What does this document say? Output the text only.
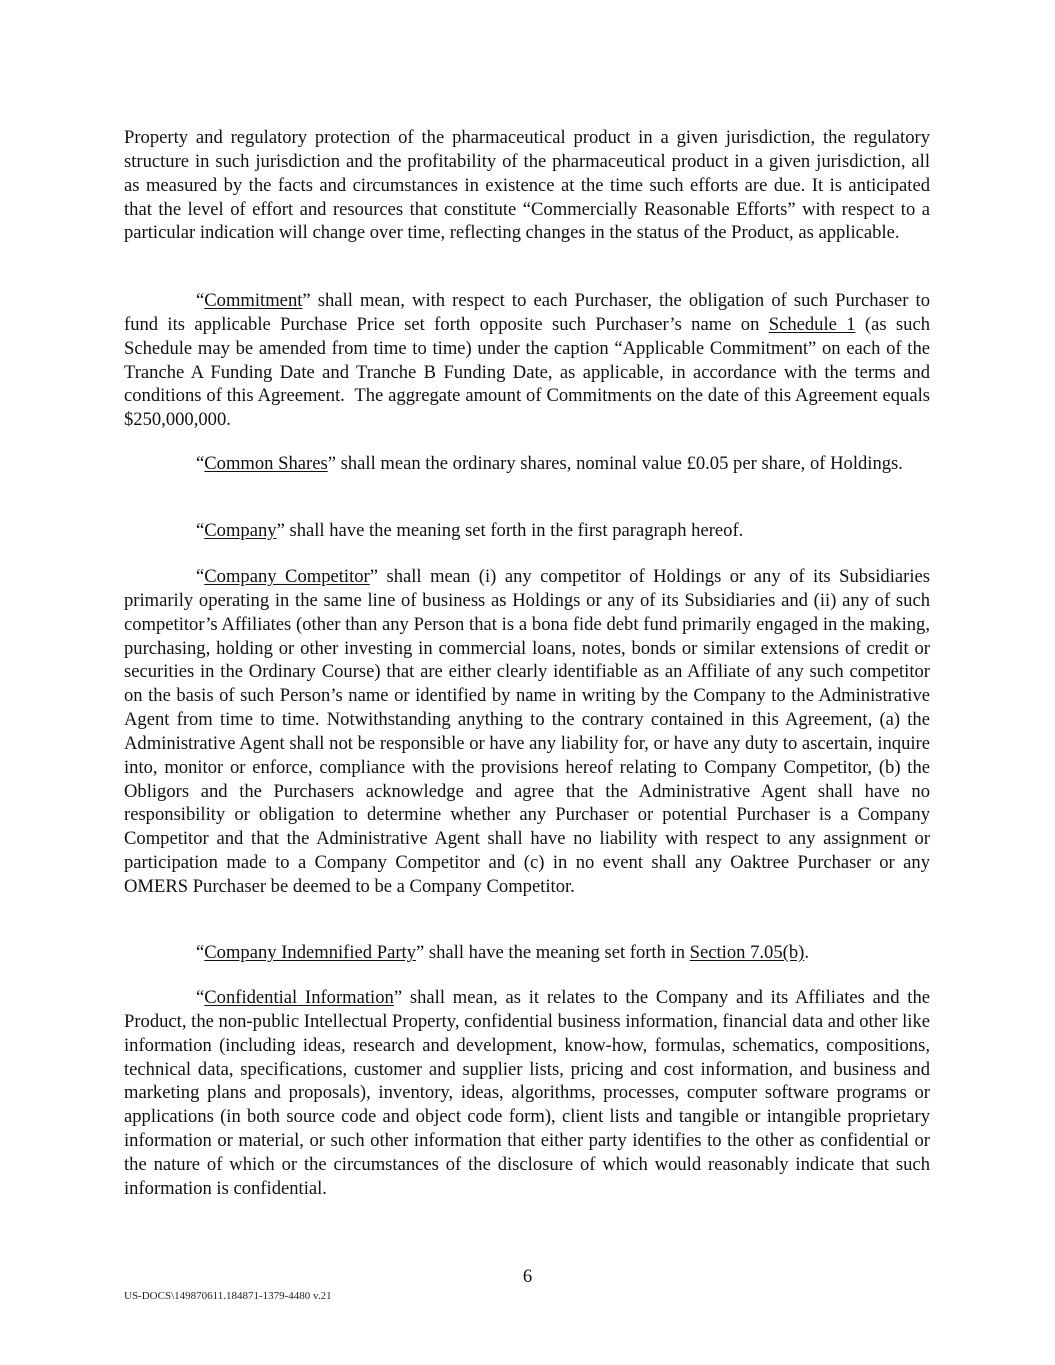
Property and regulatory protection of the pharmaceutical product in a given jurisdiction, the regulatory structure in such jurisdiction and the profitability of the pharmaceutical product in a given jurisdiction, all as measured by the facts and circumstances in existence at the time such efforts are due. It is anticipated that the level of effort and resources that constitute “Commercially Reasonable Efforts” with respect to a particular indication will change over time, reflecting changes in the status of the Product, as applicable.

“Commitment” shall mean, with respect to each Purchaser, the obligation of such Purchaser to fund its applicable Purchase Price set forth opposite such Purchaser’s name on Schedule 1 (as such Schedule may be amended from time to time) under the caption “Applicable Commitment” on each of the Tranche A Funding Date and Tranche B Funding Date, as applicable, in accordance with the terms and conditions of this Agreement.  The aggregate amount of Commitments on the date of this Agreement equals $250,000,000.

“Common Shares” shall mean the ordinary shares, nominal value £0.05 per share, of Holdings.

“Company” shall have the meaning set forth in the first paragraph hereof.

“Company Competitor” shall mean (i) any competitor of Holdings or any of its Subsidiaries primarily operating in the same line of business as Holdings or any of its Subsidiaries and (ii) any of such competitor’s Affiliates (other than any Person that is a bona fide debt fund primarily engaged in the making, purchasing, holding or other investing in commercial loans, notes, bonds or similar extensions of credit or securities in the Ordinary Course) that are either clearly identifiable as an Affiliate of any such competitor on the basis of such Person’s name or identified by name in writing by the Company to the Administrative Agent from time to time. Notwithstanding anything to the contrary contained in this Agreement, (a) the Administrative Agent shall not be responsible or have any liability for, or have any duty to ascertain, inquire into, monitor or enforce, compliance with the provisions hereof relating to Company Competitor, (b) the Obligors and the Purchasers acknowledge and agree that the Administrative Agent shall have no responsibility or obligation to determine whether any Purchaser or potential Purchaser is a Company Competitor and that the Administrative Agent shall have no liability with respect to any assignment or participation made to a Company Competitor and (c) in no event shall any Oaktree Purchaser or any OMERS Purchaser be deemed to be a Company Competitor.

“Company Indemnified Party” shall have the meaning set forth in Section 7.05(b).

“Confidential Information” shall mean, as it relates to the Company and its Affiliates and the Product, the non-public Intellectual Property, confidential business information, financial data and other like information (including ideas, research and development, know-how, formulas, schematics, compositions, technical data, specifications, customer and supplier lists, pricing and cost information, and business and marketing plans and proposals), inventory, ideas, algorithms, processes, computer software programs or applications (in both source code and object code form), client lists and tangible or intangible proprietary information or material, or such other information that either party identifies to the other as confidential or the nature of which or the circumstances of the disclosure of which would reasonably indicate that such information is confidential.

6

US-DOCS\149870611.184871-1379-4480 v.21
